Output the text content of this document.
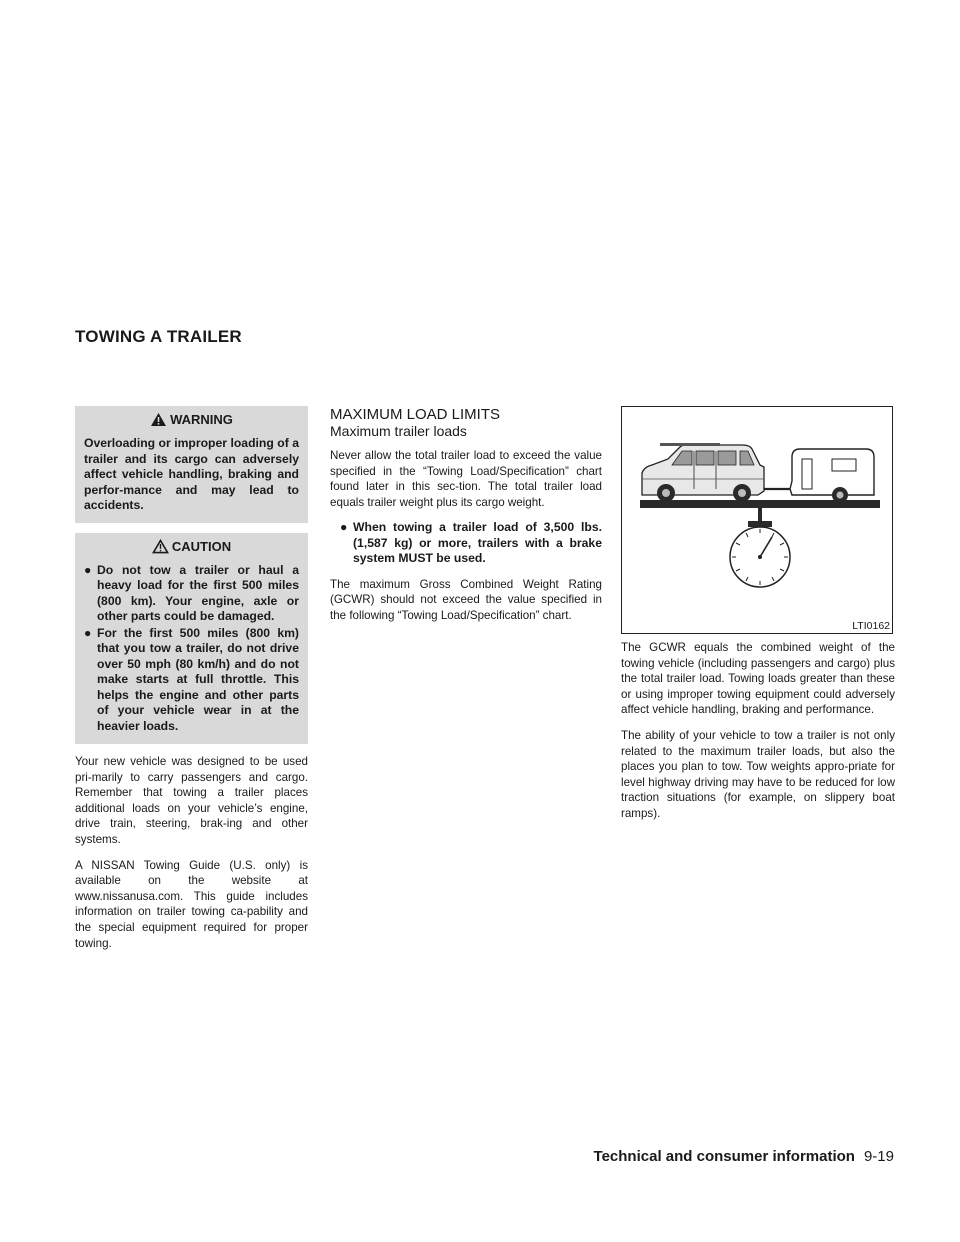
TOWING A TRAILER
WARNING
Overloading or improper loading of a trailer and its cargo can adversely affect vehicle handling, braking and perfor-mance and may lead to accidents.
CAUTION
● Do not tow a trailer or haul a heavy load for the first 500 miles (800 km). Your engine, axle or other parts could be damaged.
● For the first 500 miles (800 km) that you tow a trailer, do not drive over 50 mph (80 km/h) and do not make starts at full throttle. This helps the engine and other parts of your vehicle wear in at the heavier loads.

Your new vehicle was designed to be used pri-marily to carry passengers and cargo. Remember that towing a trailer places additional loads on your vehicle’s engine, drive train, steering, brak-ing and other systems.

A NISSAN Towing Guide (U.S. only) is available on the website at www.nissanusa.com. This guide includes information on trailer towing ca-pability and the special equipment required for proper towing.

MAXIMUM LOAD LIMITS
Maximum trailer loads

Never allow the total trailer load to exceed the value specified in the “Towing Load/Specification” chart found later in this sec-tion. The total trailer load equals trailer weight plus its cargo weight.

● When towing a trailer load of 3,500 lbs. (1,587 kg) or more, trailers with a brake system MUST be used.

The maximum Gross Combined Weight Rating (GCWR) should not exceed the value specified in the following “Towing Load/Specification” chart.

LTI0162

The GCWR equals the combined weight of the towing vehicle (including passengers and cargo) plus the total trailer load. Towing loads greater than these or using improper towing equipment could adversely affect vehicle handling, braking and performance.

The ability of your vehicle to tow a trailer is not only related to the maximum trailer loads, but also the places you plan to tow. Tow weights appro-priate for level highway driving may have to be reduced for low traction situations (for example, on slippery boat ramps).

Technical and consumer information 9-19
